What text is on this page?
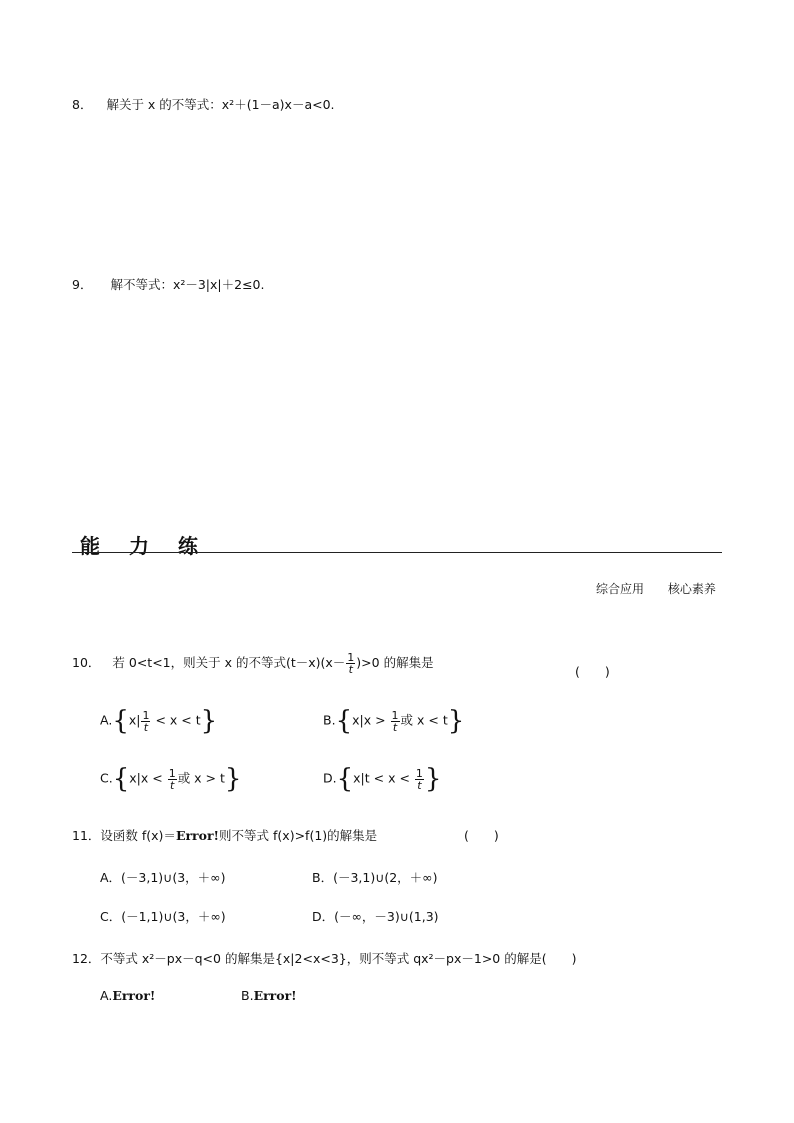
8． 解关于 x 的不等式：x²＋(1－a)x－a<0.
9． 解不等式：x²－3|x|＋2≤0.
能 力 练
综合应用 核心素养
10． 若 0<t<1，则关于 x 的不等式$(t-x)(x- \frac{1}{t} )>0$ 的解集是
(　　)
$A.\{x| \frac{1}{t} < x < t\}$	$B.\{x|x > \frac{1}{t}$ 或 x < t}
$C.\{x|x < \frac{1}{t}$ 或 x > t}	$D.\{x|t < x < \frac{1}{t}$ }
11．设函数 f(x)＝Error!则不等式 f(x)>f(1)的解集是	(　　)
A．(－3,1)∪(3，＋∞)	B．(－3,1)∪(2，＋∞)
C．(－1,1)∪(3，＋∞)	D．(－∞，－3)∪(1,3)
12．不等式 x²－px－q<0 的解集是{x|2<x<3}，则不等式 qx²－px－1>0 的解是(　　)
A.Error!	B.Error!
